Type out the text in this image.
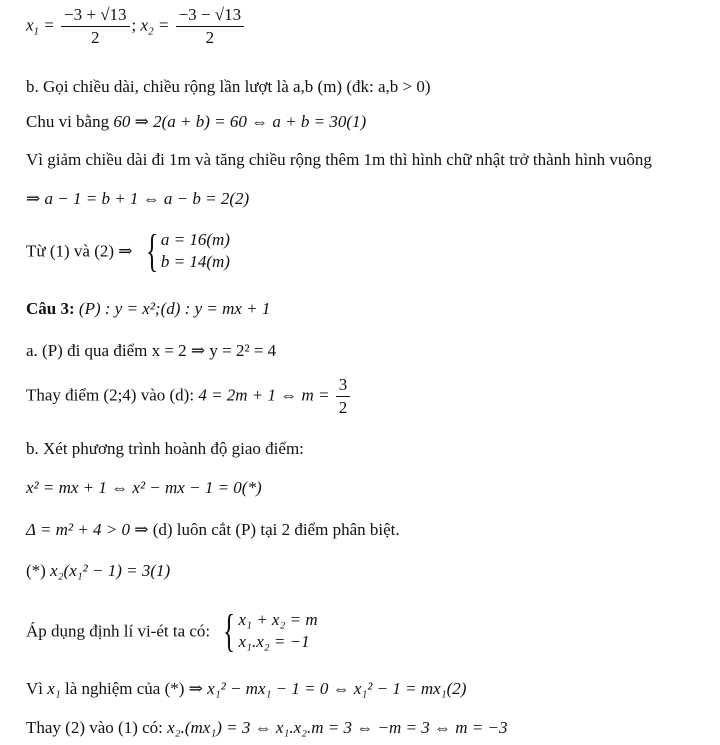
$x_1 = \frac{-3 + √13}{2}$ ; $x_2 = \frac{-3 - √13}{2}$
b. Gọi chiều dài, chiều rộng lần lượt là a,b (m) (đk: a,b > 0)
Chu vi bằng 60 ⇒ 2(a + b) = 60 ⇔ a + b = 30(1)
Vì giảm chiều dài đi 1m và tăng chiều rộng thêm 1m thì hình chữ nhật trở thành hình vuông
⇒ a − 1 = b + 1 ⇔ a − b = 2(2)
Từ (1) và (2) ⇒ { a = 16(m)
b = 14(m)
Câu 3: (P) : y = x²;(d) : y = mx + 1
a. (P) đi qua điểm x = 2 ⇒ y = 2² = 4
Thay điểm (2;4) vào (d): 4 = 2m + 1 ⇔ $m = \frac{3}{2}$
b. Xét phương trình hoành độ giao điểm:
x² = mx + 1 ⇔ x² − mx − 1 = 0(*)
Δ = m² + 4 > 0 ⇒ (d) luôn cắt (P) tại 2 điểm phân biệt.
(*) x₂(x₁² − 1) = 3(1)
Áp dụng định lí vi-ét ta có: { x₁ + x₂ = m
x₁.x₂ = −1
Vì x₁ là nghiệm của (*) ⇒ x₁² − mx₁ − 1 = 0 ⇔ x₁² − 1 = mx₁(2)
Thay (2) vào (1) có: x₂.(mx₁) = 3 ⇔ x₁.x₂.m = 3 ⇔ −m = 3 ⇔ m = −3
